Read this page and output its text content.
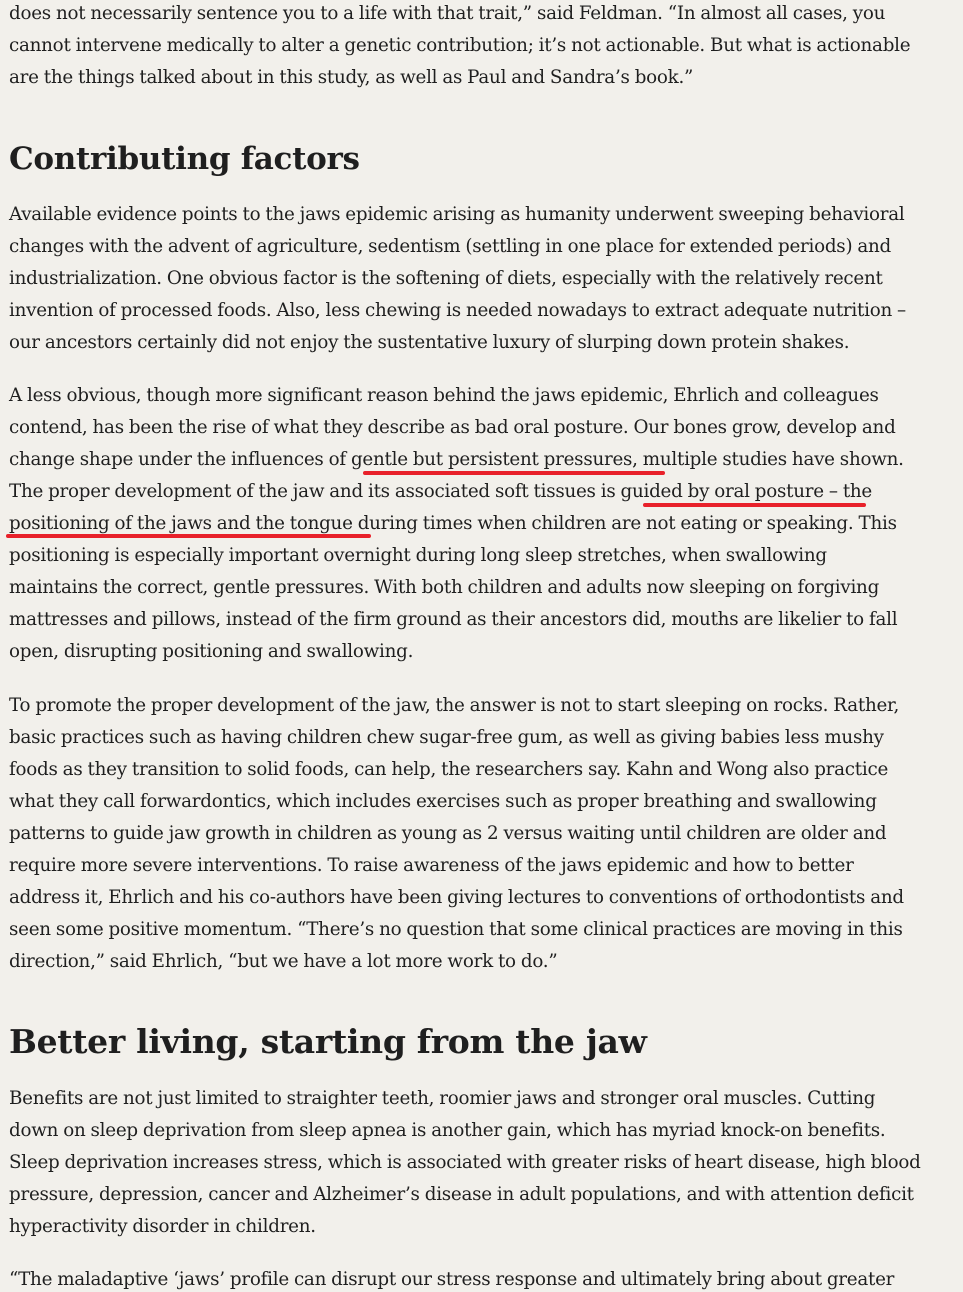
does not necessarily sentence you to a life with that trait,” said Feldman. “In almost all cases, you
cannot intervene medically to alter a genetic contribution; it’s not actionable. But what is actionable
are the things talked about in this study, as well as Paul and Sandra’s book.”

Contributing factors

Available evidence points to the jaws epidemic arising as humanity underwent sweeping behavioral
changes with the advent of agriculture, sedentism (settling in one place for extended periods) and
industrialization. One obvious factor is the softening of diets, especially with the relatively recent
invention of processed foods. Also, less chewing is needed nowadays to extract adequate nutrition –
our ancestors certainly did not enjoy the sustentative luxury of slurping down protein shakes.

A less obvious, though more significant reason behind the jaws epidemic, Ehrlich and colleagues
contend, has been the rise of what they describe as bad oral posture. Our bones grow, develop and
change shape under the influences of gentle but persistent pressures, multiple studies have shown.
The proper development of the jaw and its associated soft tissues is guided by oral posture – the
positioning of the jaws and the tongue during times when children are not eating or speaking. This
positioning is especially important overnight during long sleep stretches, when swallowing
maintains the correct, gentle pressures. With both children and adults now sleeping on forgiving
mattresses and pillows, instead of the firm ground as their ancestors did, mouths are likelier to fall
open, disrupting positioning and swallowing.

To promote the proper development of the jaw, the answer is not to start sleeping on rocks. Rather,
basic practices such as having children chew sugar-free gum, as well as giving babies less mushy
foods as they transition to solid foods, can help, the researchers say. Kahn and Wong also practice
what they call forwardontics, which includes exercises such as proper breathing and swallowing
patterns to guide jaw growth in children as young as 2 versus waiting until children are older and
require more severe interventions. To raise awareness of the jaws epidemic and how to better
address it, Ehrlich and his co-authors have been giving lectures to conventions of orthodontists and
seen some positive momentum. “There’s no question that some clinical practices are moving in this
direction,” said Ehrlich, “but we have a lot more work to do.”

Better living, starting from the jaw

Benefits are not just limited to straighter teeth, roomier jaws and stronger oral muscles. Cutting
down on sleep deprivation from sleep apnea is another gain, which has myriad knock-on benefits.
Sleep deprivation increases stress, which is associated with greater risks of heart disease, high blood
pressure, depression, cancer and Alzheimer’s disease in adult populations, and with attention deficit
hyperactivity disorder in children.

“The maladaptive ‘jaws’ profile can disrupt our stress response and ultimately bring about greater
